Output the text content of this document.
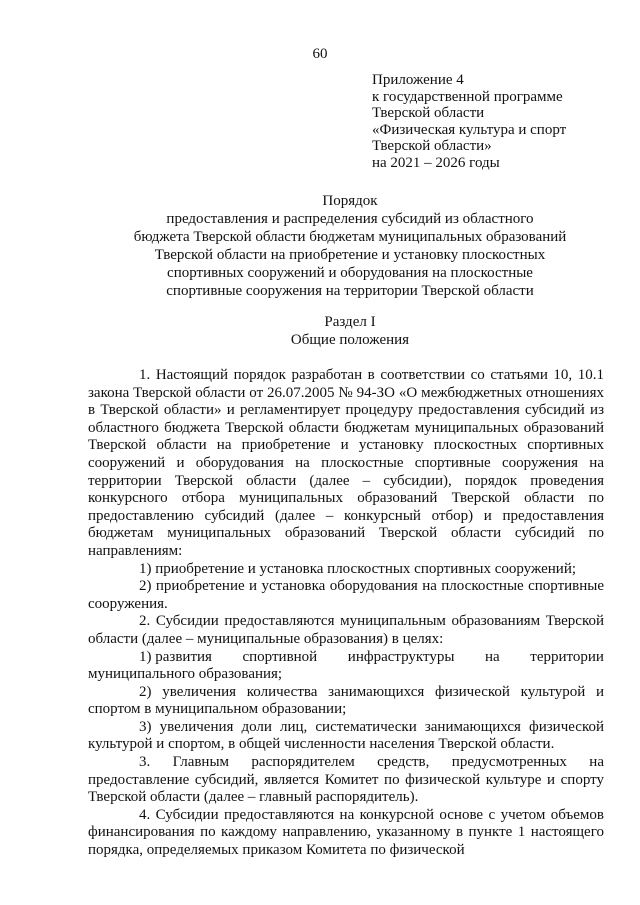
60
Приложение 4
к государственной программе
Тверской области
«Физическая культура и спорт
Тверской области»
на 2021 – 2026 годы
Порядок
предоставления и распределения субсидий из областного
бюджета Тверской области бюджетам муниципальных образований
Тверской области на приобретение и установку плоскостных
спортивных сооружений и оборудования на плоскостные
спортивные сооружения на территории Тверской области
Раздел I
Общие положения

1. Настоящий порядок разработан в соответствии со статьями 10, 10.1 закона Тверской области от 26.07.2005 № 94-ЗО «О межбюджетных отношениях в Тверской области» и регламентирует процедуру предоставления субсидий из областного бюджета Тверской области бюджетам муниципальных образований Тверской области на приобретение и установку плоскостных спортивных сооружений и оборудования на плоскостные спортивные сооружения на территории Тверской области (далее – субсидии), порядок проведения конкурсного отбора муниципальных образований Тверской области по предоставлению субсидий (далее – конкурсный отбор) и предоставления бюджетам муниципальных образований Тверской области субсидий по направлениям:

1) приобретение и установка плоскостных спортивных сооружений;

2) приобретение и установка оборудования на плоскостные спортивные сооружения.

2. Субсидии предоставляются муниципальным образованиям Тверской области (далее – муниципальные образования) в целях:

1) развития спортивной инфраструктуры на территории
муниципального образования;

2) увеличения количества занимающихся физической культурой и спортом в муниципальном образовании;

3) увеличения доли лиц, систематически занимающихся физической культурой и спортом, в общей численности населения Тверской области.

3. Главным распорядителем средств, предусмотренных на предоставление субсидий, является Комитет по физической культуре и спорту Тверской области (далее – главный распорядитель).

4. Субсидии предоставляются на конкурсной основе с учетом объемов финансирования по каждому направлению, указанному в пункте 1 настоящего порядка, определяемых приказом Комитета по физической
